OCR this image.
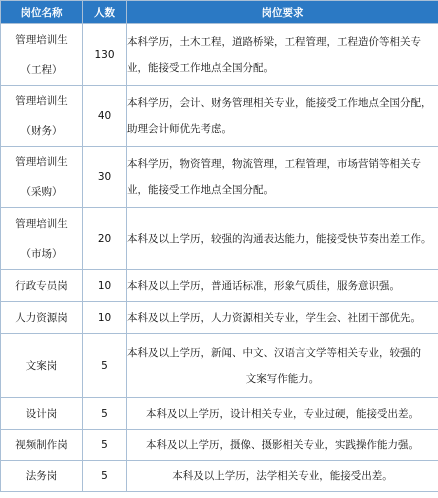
岗位名称	人数	岗位要求

管理培训生
（工程）	130	本科学历，土木工程，道路桥梁，工程管理，工程造价等相关专
业，能接受工作地点全国分配。

管理培训生
（财务）	40	本科学历，会计、财务管理相关专业，能接受工作地点全国分配，
助理会计师优先考虑。

管理培训生
（采购）	30	本科学历，物资管理，物流管理，工程管理，市场营销等相关专
业，能接受工作地点全国分配。

管理培训生
（市场）	20	本科及以上学历，较强的沟通表达能力，能接受快节奏出差工作。

行政专员岗	10	本科及以上学历，普通话标准，形象气质佳，服务意识强。

人力资源岗	10	本科及以上学历，人力资源相关专业，学生会、社团干部优先。

文案岗	5	本科及以上学历，新闻、中文、汉语言文学等相关专业，较强的
文案写作能力。

设计岗	5	本科及以上学历，设计相关专业，专业过硬，能接受出差。

视频制作岗	5	本科及以上学历，摄像、摄影相关专业，实践操作能力强。

法务岗	5	本科及以上学历，法学相关专业，能接受出差。
